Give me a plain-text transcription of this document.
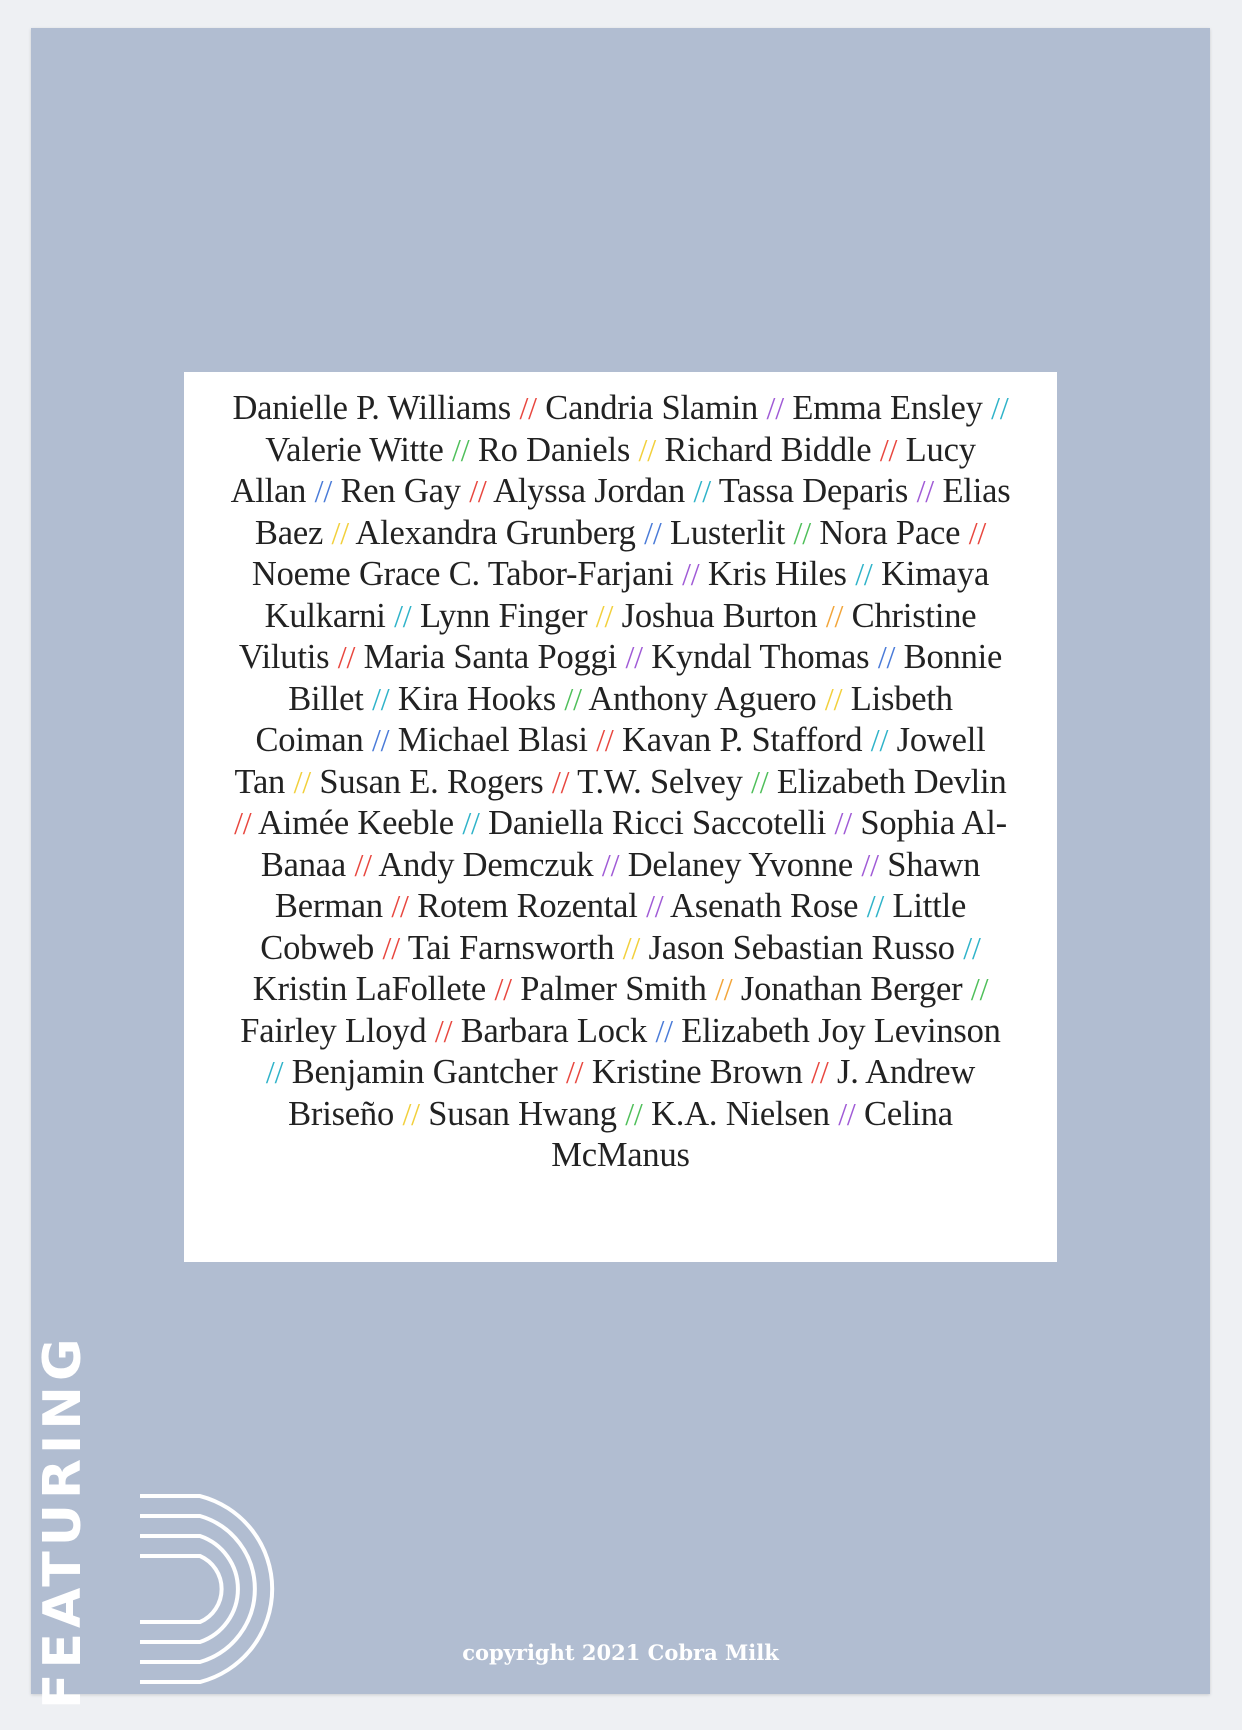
Danielle P. Williams // Candria Slamin // Emma Ensley // Valerie Witte // Ro Daniels // Richard Biddle // Lucy Allan // Ren Gay // Alyssa Jordan // Tassa Deparis // Elias Baez // Alexandra Grunberg // Lusterlit // Nora Pace // Noeme Grace C. Tabor-Farjani // Kris Hiles // Kimaya Kulkarni // Lynn Finger // Joshua Burton // Christine Vilutis // Maria Santa Poggi // Kyndal Thomas // Bonnie Billet // Kira Hooks // Anthony Aguero // Lisbeth Coiman // Michael Blasi // Kavan P. Stafford // Jowell Tan // Susan E. Rogers // T.W. Selvey // Elizabeth Devlin // Aimée Keeble // Daniella Ricci Saccotelli // Sophia Al-Banaa // Andy Demczuk // Delaney Yvonne // Shawn Berman // Rotem Rozental // Asenath Rose // Little Cobweb // Tai Farnsworth // Jason Sebastian Russo // Kristin LaFollete // Palmer Smith // Jonathan Berger // Fairley Lloyd // Barbara Lock // Elizabeth Joy Levinson // Benjamin Gantcher // Kristine Brown // J. Andrew Briseño // Susan Hwang // K.A. Nielsen // Celina McManus

FEATURING	copyright 2021 Cobra Milk
